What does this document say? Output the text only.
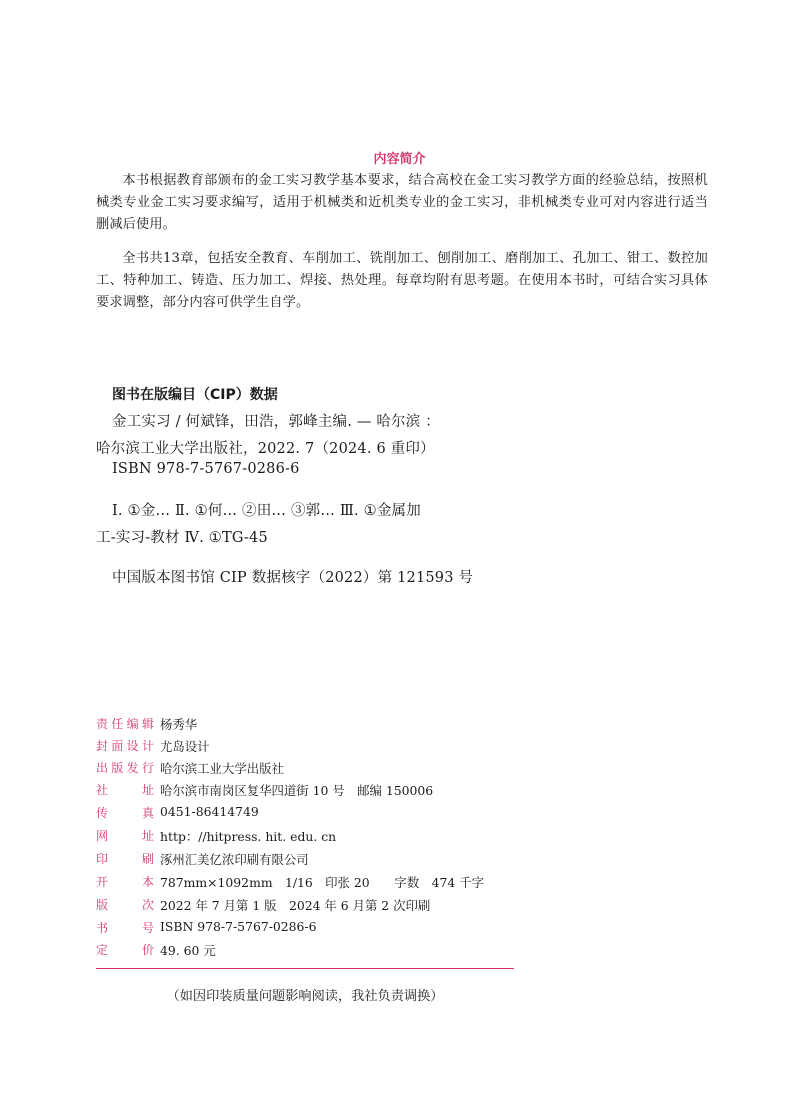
内容简介

本书根据教育部颁布的金工实习教学基本要求，结合高校在金工实习教学方面的经验总结，按照机械类专业金工实习要求编写，适用于机械类和近机类专业的金工实习，非机械类专业可对内容进行适当删减后使用。

全书共13章，包括安全教育、车削加工、铣削加工、刨削加工、磨削加工、孔加工、钳工、数控加工、特种加工、铸造、压力加工、焊接、热处理。每章均附有思考题。在使用本书时，可结合实习具体要求调整，部分内容可供学生自学。

图书在版编目（CIP）数据
金工实习 / 何斌锋，田浩，郭峰主编. — 哈尔滨 ：
哈尔滨工业大学出版社，2022. 7（2024. 6 重印）
ISBN 978-7-5767-0286-6
Ⅰ. ①金… Ⅱ. ①何… ②田… ③郭… Ⅲ. ①金属加
工-实习-教材 Ⅳ. ①TG-45
中国版本图书馆 CIP 数据核字（2022）第 121593 号
责任编辑 杨秀华
封面设计 尤岛设计
出版发行 哈尔滨工业大学出版社
社 址 哈尔滨市南岗区复华四道街 10 号　邮编 150006
传 真 0451-86414749
网 址 http：//hitpress. hit. edu. cn
印 刷 涿州汇美亿浓印刷有限公司
开 本 787mm×1092mm　1/16　印张 20　　字数　474 千字
版 次 2022 年 7 月第 1 版　2024 年 6 月第 2 次印刷
书 号 ISBN 978-7-5767-0286-6
定 价 49. 60 元
（如因印装质量问题影响阅读，我社负责调换）
